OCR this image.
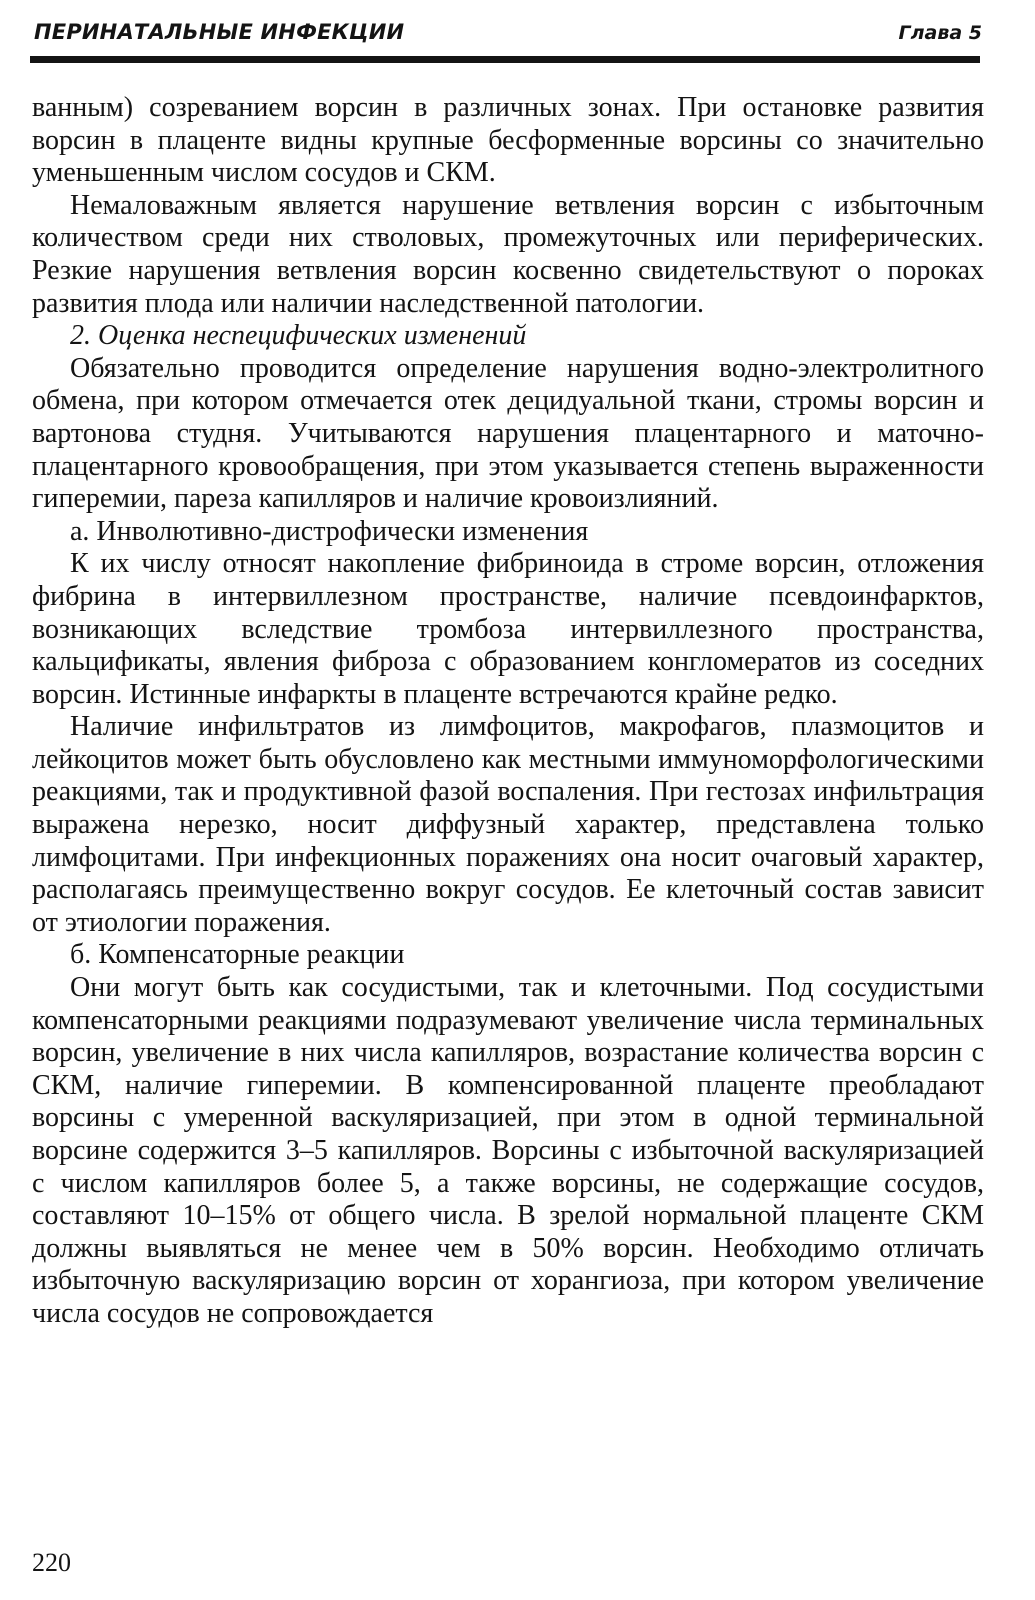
ПЕРИНАТАЛЬНЫЕ ИНФЕКЦИИ	Глава 5

ванным) созреванием ворсин в различных зонах. При остановке развития ворсин в плаценте видны крупные бесформенные ворсины со значительно уменьшенным числом сосудов и СКМ.

Немаловажным является нарушение ветвления ворсин с избыточным количеством среди них стволовых, промежуточных или периферических. Резкие нарушения ветвления ворсин косвенно свидетельствуют о пороках развития плода или наличии наследственной патологии.

2. Оценка неспецифических изменений

Обязательно проводится определение нарушения водно-электролитного обмена, при котором отмечается отек децидуальной ткани, стромы ворсин и вартонова студня. Учитываются нарушения плацентарного и маточно-плацентарного кровообращения, при этом указывается степень выраженности гиперемии, пареза капилляров и наличие кровоизлияний.

а. Инволютивно-дистрофически изменения

К их числу относят накопление фибриноида в строме ворсин, отложения фибрина в интервиллезном пространстве, наличие псевдоинфарктов, возникающих вследствие тромбоза интервиллезного пространства, кальцификаты, явления фиброза с образованием конгломератов из соседних ворсин. Истинные инфаркты в плаценте встречаются крайне редко.

Наличие инфильтратов из лимфоцитов, макрофагов, плазмоцитов и лейкоцитов может быть обусловлено как местными иммуноморфологическими реакциями, так и продуктивной фазой воспаления. При гестозах инфильтрация выражена нерезко, носит диффузный характер, представлена только лимфоцитами. При инфекционных поражениях она носит очаговый характер, располагаясь преимущественно вокруг сосудов. Ее клеточный состав зависит от этиологии поражения.

б. Компенсаторные реакции

Они могут быть как сосудистыми, так и клеточными. Под сосудистыми компенсаторными реакциями подразумевают увеличение числа терминальных ворсин, увеличение в них числа капилляров, возрастание количества ворсин с СКМ, наличие гиперемии. В компенсированной плаценте преобладают ворсины с умеренной васкуляризацией, при этом в одной терминальной ворсине содержится 3–5 капилляров. Ворсины с избыточной васкуляризацией с числом капилляров более 5, а также ворсины, не содержащие сосудов, составляют 10–15% от общего числа. В зрелой нормальной плаценте СКМ должны выявляться не менее чем в 50% ворсин. Необходимо отличать избыточную васкуляризацию ворсин от хорангиоза, при котором увеличение числа сосудов не сопровождается

220
